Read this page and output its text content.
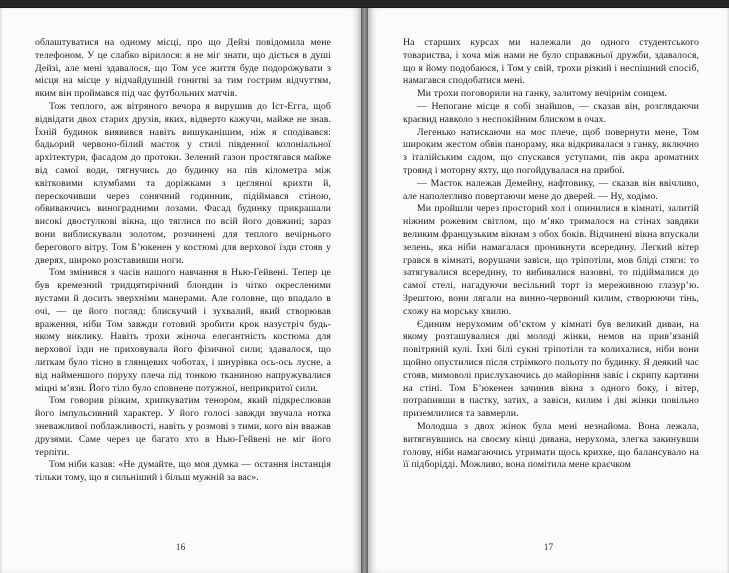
облаштуватися на одному місці, про що Дейзі повідомила мене телефоном. У це слабко вірилося: я не міг знати, що діється в душі Дейзі, але мені здавалося, що Том усе життя буде подорожувати з місця на місце у відчайдушній гонитві за тим гострим відчуттям, яким він проймався під час футбольних матчів.

Тож теплого, аж вітряного вечора я вирушив до Іст-Егга, щоб відвідати двох старих друзів, яких, відверто кажучи, майже не знав. Їхній будинок виявився навіть вишуканішим, ніж я сподівався: бадьорий червоно-білий маєток у стилі південної колоніальної архітектури, фасадом до протоки. Зелений газон простягався майже від самої води, тягнучись до будинку на пів кілометра між квітковими клумбами та доріжками з цегляної крихти й, перескочивши через сонячний годинник, підіймався стіною, обвиваючись виноградними лозами. Фасад будинку прикрашали високі двостулкові вікна, що тяглися по всій його довжині; зараз вони виблискували золотом, розчинені для теплого вечірнього берегового вітру. Том Б’юкенен у костюмі для верхової їзди стояв у дверях, широко розставивши ноги.

Том змінився з часів нашого навчання в Нью-Гейвені. Тепер це був кремезний тридцятирічний блондин із чітко окресленими вустами й досить зверхніми манерами. Але головне, що впадало в очі, — це його погляд: блискучий і зухвалий, який створював враження, ніби Том завжди готовий зробити крок назустріч будь-якому виклику. Навіть трохи жіноча елегантність костюма для верхової їзди не приховувала його фізичної сили; здавалося, що литкам було тісно в глянцевих чоботах, і шнурівка ось-ось лусне, а від найменшого поруху плеча під тонкою тканиною напружувалися міцні м’язи. Його тіло було сповнене потужної, неприкритої сили.

Том говорив різким, хрипкуватим тенором, який підкреслював його імпульсивний характер. У його голосі завжди звучала нотка зневажливої поблажливості, навіть у розмові з тими, кого він вважав друзями. Саме через це багато хто в Нью-Гейвені не міг його терпіти.

Том ніби казав: «Не думайте, що моя думка — остання інстанція тільки тому, що я сильніший і більш мужній за вас».

16

На старших курсах ми належали до одного студентського товариства, і хоча між нами не було справжньої дружби, здавалося, що я йому подобаюся, і Том у свій, трохи різкий і неспішний спосіб, намагався сподобатися мені.

Ми трохи поговорили на ганку, залитому вечірнім сонцем.

— Непогане місце я собі знайшов, — сказав він, розглядаючи краєвид навколо з неспокійним блиском в очах.

Легенько натискаючи на моє плече, щоб повернути мене, Том широким жестом обвів панораму, яка відкривалася з ганку, включно з італійським садом, що спускався уступами, пів акра ароматних троянд і моторну яхту, що погойдувалася на прибої.

— Маєток належав Демейну, нафтовику, — сказав він ввічливо, але наполегливо повертаючи мене до дверей. — Ну, ходімо.

Ми пройшли через просторий хол і опинилися в кімнаті, залитій ніжним рожевим світлом, що м’яко трималося на стінах завдяки великим французьким вікнам з обох боків. Відчинені вікна впускали зелень, яка ніби намагалася проникнути всередину. Легкий вітер грався в кімнаті, ворушачи завіси, що тріпотіли, мов бліді стяги: то затягувалися всередину, то вибивалися назовні, то підіймалися до самої стелі, нагадуючи весільний торт із мереживною глазур’ю. Зрештою, вони лягали на винно-червоний килим, створюючи тінь, схожу на морську хвилю.

Єдиним нерухомим об’єктом у кімнаті був великий диван, на якому розташувалися дві молоді жінки, немов на прив’язаній повітряній кулі. Їхні білі сукні тріпотіли та колихалися, ніби вони щойно опустилися після стрімкого польоту по будинку. Я деякий час стояв, мимоволі прислухаючись до майоріння завіс і скрипу картини на стіні. Том Б’юкенен зачинив вікна з одного боку, і вітер, потрапивши в пастку, затих, а завіси, килим і дві жінки повільно приземлилися та завмерли.

Молодша з двох жінок була мені незнайома. Вона лежала, витягнувшись на своєму кінці дивана, нерухома, злегка закинувши голову, ніби намагаючись утримати щось крихке, що балансувало на її підборідді. Можливо, вона помітила мене краєчком

17
